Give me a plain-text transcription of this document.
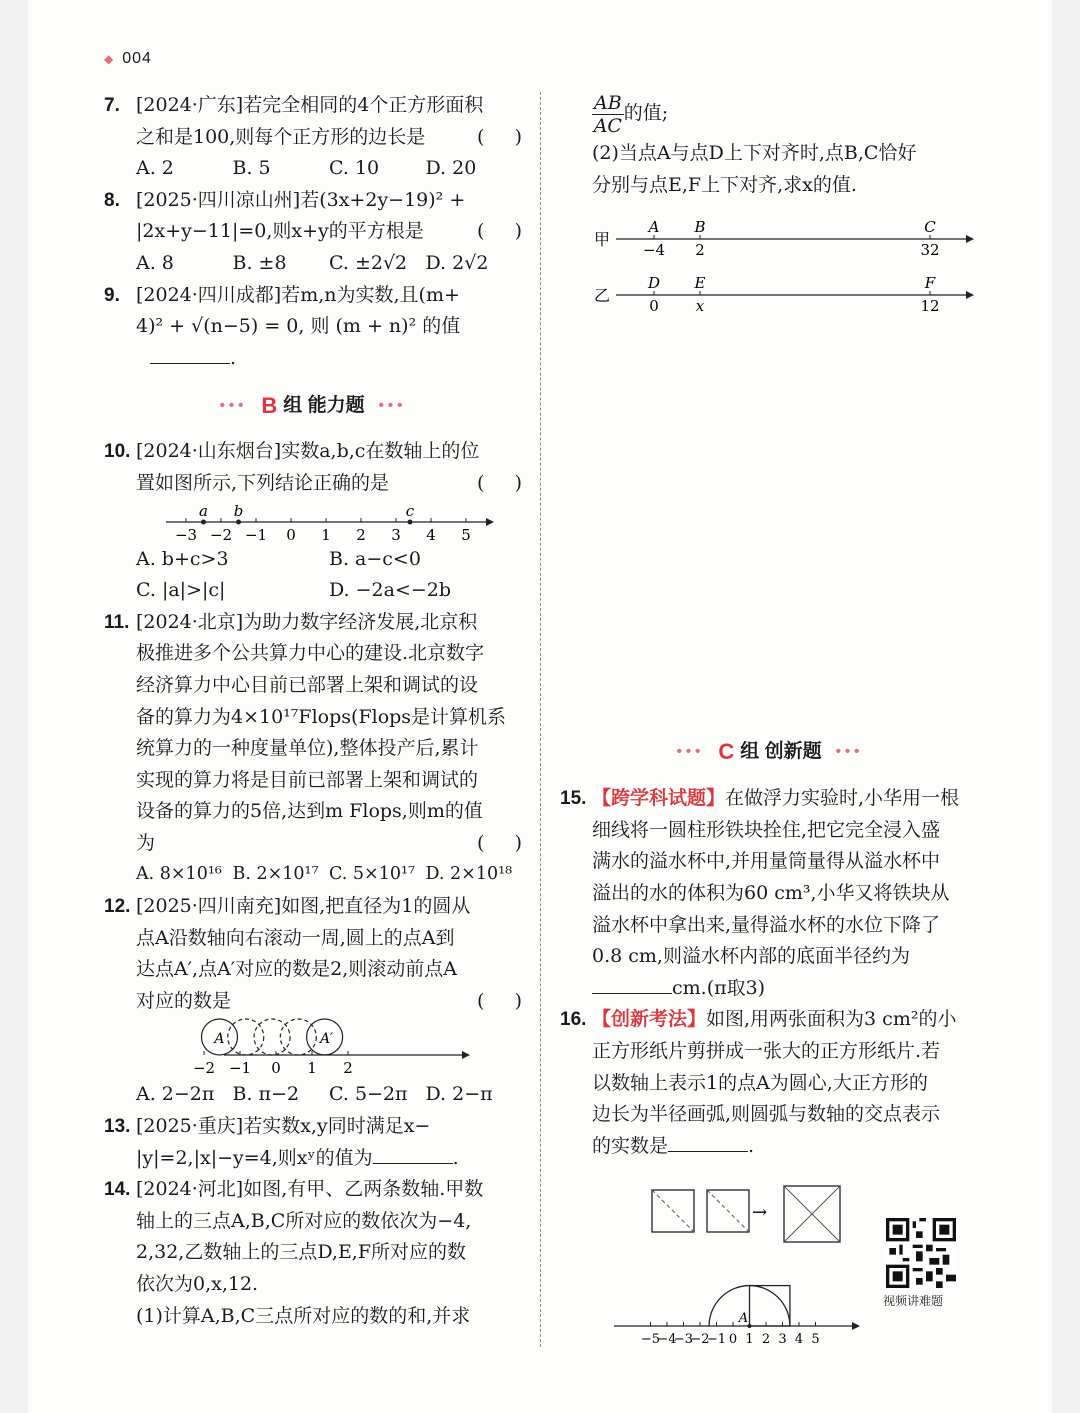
◆ 004
7. [2024·广东]若完全相同的4个正方形面积
之和是100,则每个正方形的边长是	(     )
A. 2	B. 5	C. 10	D. 20
8. [2025·四川凉山州]若(3x+2y−19)² +
|2x+y−11|=0,则x+y的平方根是	(     )
A. 8	B. ±8	C. ±2√2 D. 2√2
9. [2024·四川成都]若m,n为实数,且(m+
4)² + √(n−5) = 0, 则 (m + n)² 的值
.
••• B 组 能力题 •••
10. [2024·山东烟台]实数a,b,c在数轴上的位
置如图所示,下列结论正确的是	(     )
−3 −2 −1 0 1 2 3 4 5
a b	c
A. b+c>3	B. a−c<0
C. |a|>|c|	D. −2a<−2b
11. [2024·北京]为助力数字经济发展,北京积
极推进多个公共算力中心的建设.北京数字
经济算力中心目前已部署上架和调试的设
备的算力为4×10¹⁷Flops(Flops是计算机系
统算力的一种度量单位),整体投产后,累计
实现的算力将是目前已部署上架和调试的
设备的算力的5倍,达到m Flops,则m的值
为	(     )
A. 8×10¹⁶ B. 2×10¹⁷ C. 5×10¹⁷ D. 2×10¹⁸
12. [2025·四川南充]如图,把直径为1的圆从
点A沿数轴向右滚动一周,圆上的点A到
达点A′,点A′对应的数是2,则滚动前点A
对应的数是	(     )
−2 −1 0 1 2
A	A′
A. 2−2π B. π−2	C. 5−2π D. 2−π
13. [2025·重庆]若实数x,y同时满足x−
|y|=2,|x|−y=4,则xʸ的值为	.
14. [2024·河北]如图,有甲、乙两条数轴.甲数
轴上的三点A,B,C所对应的数依次为−4,
2,32,乙数轴上的三点D,E,F所对应的数
依次为0,x,12.
(1)计算A,B,C三点所对应的数的和,并求
$\frac{AB}{AC}$ 的值;
(2)当点A与点D上下对齐时,点B,C恰好
分别与点E,F上下对齐,求x的值.
甲
A
−4
B
2
C
32
乙
D
0
E
x
F
12
••• C 组 创新题 •••
15. 【跨学科试题】 在做浮力实验时,小华用一根
细线将一圆柱形铁块拴住,把它完全浸入盛
满水的溢水杯中,并用量筒量得从溢水杯中
溢出的水的体积为60 cm³,小华又将铁块从
溢水杯中拿出来,量得溢水杯的水位下降了
0.8 cm,则溢水杯内部的底面半径约为
cm.(π取3)
16. 【创新考法】 如图,用两张面积为3 cm²的小
正方形纸片剪拼成一张大的正方形纸片.若
以数轴上表示1的点A为圆心,大正方形的
边长为半径画弧,则圆弧与数轴的交点表示
的实数是	.
→
−5
−4
−3
−2
−1 0 1 2 3 4 5
A
视频讲难题
